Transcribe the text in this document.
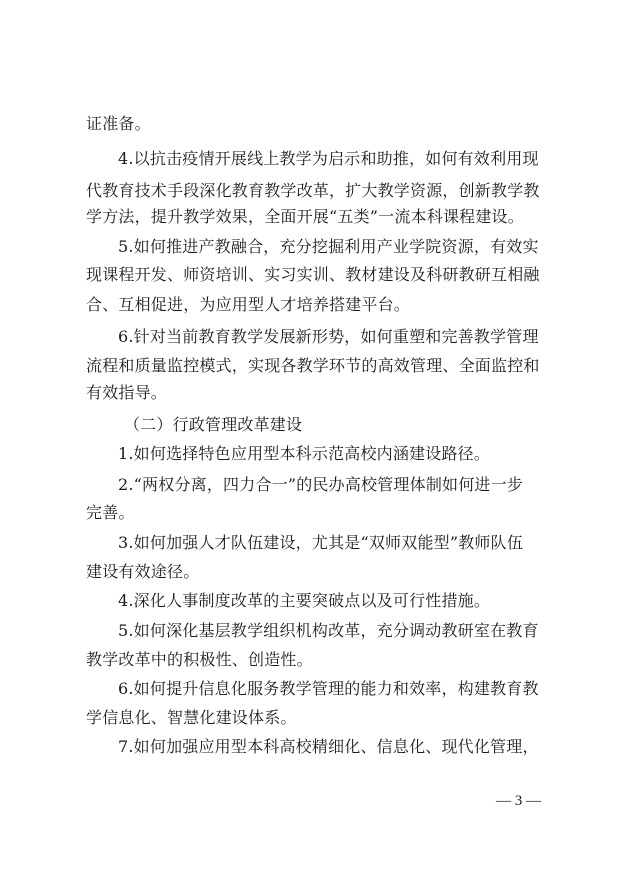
证准备。
4.以抗击疫情开展线上教学为启示和助推，如何有效利用现
代教育技术手段深化教育教学改革，扩大教学资源，创新教学教
学方法，提升教学效果，全面开展“五类”一流本科课程建设。
5.如何推进产教融合，充分挖掘利用产业学院资源，有效实
现课程开发、师资培训、实习实训、教材建设及科研教研互相融
合、互相促进，为应用型人才培养搭建平台。
6.针对当前教育教学发展新形势，如何重塑和完善教学管理
流程和质量监控模式，实现各教学环节的高效管理、全面监控和
有效指导。
（二）行政管理改革建设
1.如何选择特色应用型本科示范高校内涵建设路径。
2.“两权分离，四力合一”的民办高校管理体制如何进一步
完善。
3.如何加强人才队伍建设，尤其是“双师双能型”教师队伍
建设有效途径。
4.深化人事制度改革的主要突破点以及可行性措施。
5.如何深化基层教学组织机构改革，充分调动教研室在教育
教学改革中的积极性、创造性。
6.如何提升信息化服务教学管理的能力和效率，构建教育教
学信息化、智慧化建设体系。
7.如何加强应用型本科高校精细化、信息化、现代化管理，
— 3 —
